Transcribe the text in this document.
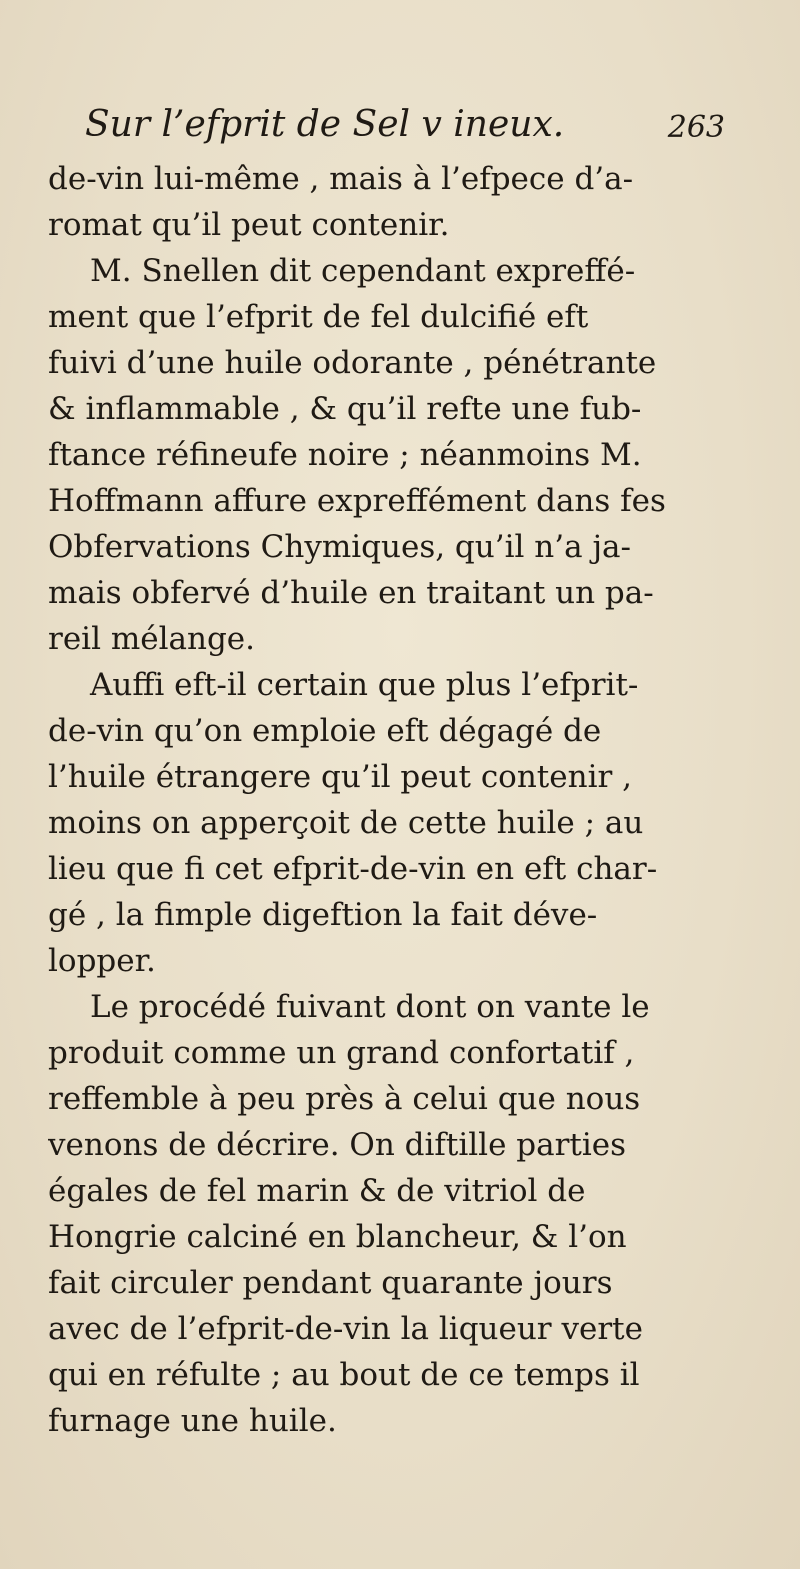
Sur l’efprit de Sel v ineux.	263
de-vin lui-même , mais à l’efpece d’a-
romat qu’il peut contenir.
M. Snellen dit cependant expreffé-
ment que l’efprit de fel dulcifié eft
fuivi d’une huile odorante , pénétrante
& inflammable , & qu’il refte une fub-
ftance réfineufe noire ; néanmoins M.
Hoffmann affure expreffément dans fes
Obfervations Chymiques, qu’il n’a ja-
mais obfervé d’huile en traitant un pa-
reil mélange.
Auffi eft-il certain que plus l’efprit-
de-vin qu’on emploie eft dégagé de
l’huile étrangere qu’il peut contenir ,
moins on apperçoit de cette huile ; au
lieu que fi cet efprit-de-vin en eft char-
gé , la fimple digeftion la fait déve-
lopper.
Le procédé fuivant dont on vante le
produit comme un grand confortatif ,
reffemble à peu près à celui que nous
venons de décrire. On diftille parties
égales de fel marin & de vitriol de
Hongrie calciné en blancheur, & l’on
fait circuler pendant quarante jours
avec de l’efprit-de-vin la liqueur verte
qui en réfulte ; au bout de ce temps il
furnage une huile.
